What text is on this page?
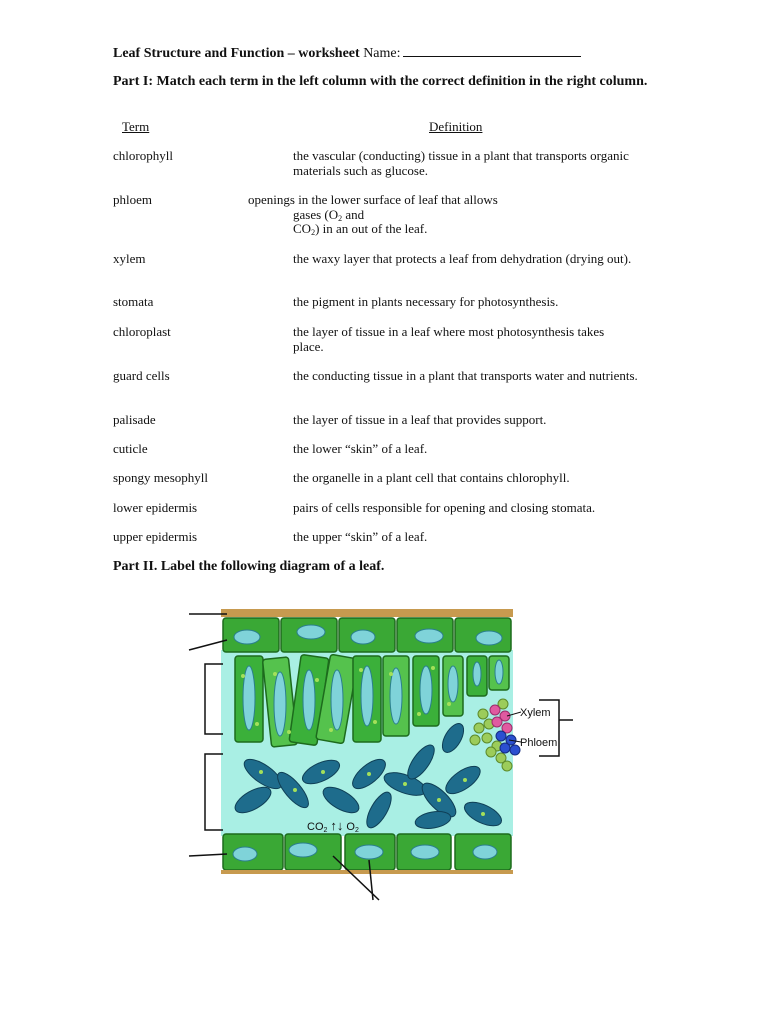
Leaf Structure and Function – worksheet Name:
Part I: Match each term in the left column with the correct definition in the right column.
Term	Definition
chlorophyll
phloem
xylem
stomata
chloroplast
guard cells
palisade
cuticle
spongy mesophyll
lower epidermis
upper epidermis
the vascular (conducting) tissue in a plant that transports organic materials such as glucose.
openings in the lower surface of leaf that allows
gases ($O_2$ and
$CO_2$) in an out of the leaf.
the waxy layer that protects a leaf from dehydration (drying out).
the pigment in plants necessary for photosynthesis.
the layer of tissue in a leaf where most photosynthesis takes place.
the conducting tissue in a plant that transports water and nutrients.
the layer of tissue in a leaf that provides support.
the lower “skin” of a leaf.
the organelle in a plant cell that contains chlorophyll.
pairs of cells responsible for opening and closing stomata.
the upper “skin” of a leaf.
Part II. Label the following diagram of a leaf.
CO2 ↑↓ O2
Xylem
Phloem
